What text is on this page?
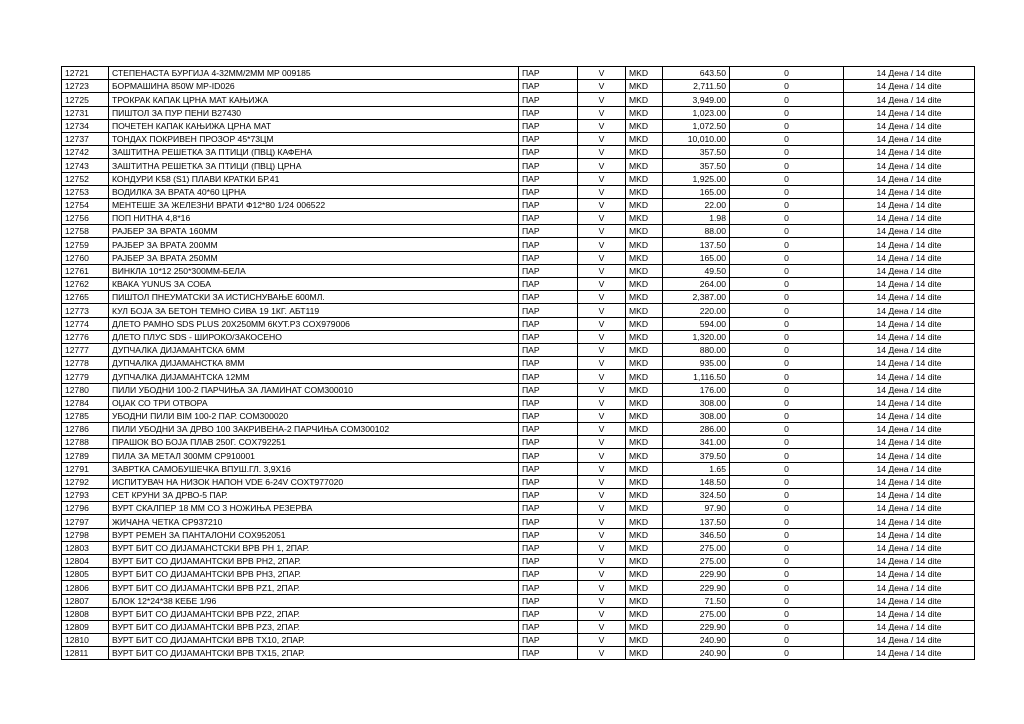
12721	СТЕПЕНАСТА БУРГИЈА 4-32ММ/2ММ MP 009185	ПАР	V	MKD	643.50	0	14 Дена / 14 dite
12723	БОРМАШИНА 850W MP-ID026	ПАР	V	MKD	2,711.50	0	14 Дена / 14 dite
12725	ТРОКРАК КАПАК ЦРНА МАТ КАЊИЖА	ПАР	V	MKD	3,949.00	0	14 Дена / 14 dite
12731	ПИШТОЛ ЗА ПУР ПЕНИ B27430	ПАР	V	MKD	1,023.00	0	14 Дена / 14 dite
12734	ПОЧЕТЕН КАПАК КАЊИЖА ЦРНА МАТ	ПАР	V	MKD	1,072.50	0	14 Дена / 14 dite
12737	ТОНДАХ ПОКРИВЕН ПРОЗОР 45*73ЦМ	ПАР	V	MKD	10,010.00	0	14 Дена / 14 dite
12742	ЗАШТИТНА РЕШЕТКА ЗА ПТИЦИ (ПВЦ) КАФЕНА	ПАР	V	MKD	357.50	0	14 Дена / 14 dite
12743	ЗАШТИТНА РЕШЕТКА ЗА ПТИЦИ (ПВЦ) ЦРНА	ПАР	V	MKD	357.50	0	14 Дена / 14 dite
12752	КОНДУРИ K58 (S1) ПЛАВИ КРАТКИ БР.41	ПАР	V	MKD	1,925.00	0	14 Дена / 14 dite
12753	ВОДИЛКА ЗА ВРАТА 40*60 ЦРНА	ПАР	V	MKD	165.00	0	14 Дена / 14 dite
12754	МЕНТЕШЕ ЗА ЖЕЛЕЗНИ ВРАТИ Ф12*80 1/24 006522	ПАР	V	MKD	22.00	0	14 Дена / 14 dite
12756	ПОП НИТНА 4,8*16	ПАР	V	MKD	1.98	0	14 Дена / 14 dite
12758	РАЈБЕР ЗА ВРАТА 160ММ	ПАР	V	MKD	88.00	0	14 Дена / 14 dite
12759	РАЈБЕР ЗА ВРАТА 200ММ	ПАР	V	MKD	137.50	0	14 Дена / 14 dite
12760	РАЈБЕР ЗА ВРАТА 250ММ	ПАР	V	MKD	165.00	0	14 Дена / 14 dite
12761	ВИНКЛА 10*12 250*300ММ-БЕЛА	ПАР	V	MKD	49.50	0	14 Дена / 14 dite
12762	КВАКА YUNUS ЗА СОБА	ПАР	V	MKD	264.00	0	14 Дена / 14 dite
12765	ПИШТОЛ ПНЕУМАТСКИ ЗА ИСТИСНУВАЊЕ 600МЛ.	ПАР	V	MKD	2,387.00	0	14 Дена / 14 dite
12773	КУЛ БОЈА ЗА БЕТОН ТЕМНО СИВА 19 1КГ. АБТ119	ПАР	V	MKD	220.00	0	14 Дена / 14 dite
12774	ДЛЕТО РАМНО SDS PLUS 20X250MM 6КУТ.Р3 COX979006	ПАР	V	MKD	594.00	0	14 Дена / 14 dite
12776	ДЛЕТО ПЛУС SDS - ШИРОКО/ЗАКОСЕНО	ПАР	V	MKD	1,320.00	0	14 Дена / 14 dite
12777	ДУПЧАЛКА ДИЈАМАНТСКА 6ММ	ПАР	V	MKD	880.00	0	14 Дена / 14 dite
12778	ДУПЧАЛКА ДИЈАМАНСТКА 8ММ	ПАР	V	MKD	935.00	0	14 Дена / 14 dite
12779	ДУПЧАЛКА ДИЈАМАНТСКА 12ММ	ПАР	V	MKD	1,116.50	0	14 Дена / 14 dite
12780	ПИЛИ УБОДНИ 100-2 ПАРЧИЊА ЗА ЛАМИНАТ COM300010	ПАР	V	MKD	176.00	0	14 Дена / 14 dite
12784	ОЏАК СО ТРИ ОТВОРА	ПАР	V	MKD	308.00	0	14 Дена / 14 dite
12785	УБОДНИ ПИЛИ BIM 100-2 ПАР. COM300020	ПАР	V	MKD	308.00	0	14 Дена / 14 dite
12786	ПИЛИ УБОДНИ ЗА ДРВО 100 ЗАКРИВЕНА-2 ПАРЧИЊА COM300102	ПАР	V	MKD	286.00	0	14 Дена / 14 dite
12788	ПРАШОК ВО БОЈА ПЛАВ 250Г. COX792251	ПАР	V	MKD	341.00	0	14 Дена / 14 dite
12789	ПИЛА ЗА МЕТАЛ 300ММ CP910001	ПАР	V	MKD	379.50	0	14 Дена / 14 dite
12791	ЗАВРТКА САМОБУШЕЧКА ВПУШ.ГЛ. 3,9X16	ПАР	V	MKD	1.65	0	14 Дена / 14 dite
12792	ИСПИТУВАЧ НА НИЗОК НАПОН VDE 6-24V COXT977020	ПАР	V	MKD	148.50	0	14 Дена / 14 dite
12793	СЕТ КРУНИ ЗА ДРВО-5 ПАР.	ПАР	V	MKD	324.50	0	14 Дена / 14 dite
12796	ВУРТ СКАЛПЕР 18 ММ СО 3 НОЖИЊА РЕЗЕРВА	ПАР	V	MKD	97.90	0	14 Дена / 14 dite
12797	ЖИЧАНА ЧЕТКА CP937210	ПАР	V	MKD	137.50	0	14 Дена / 14 dite
12798	ВУРТ РЕМЕН ЗА ПАНТАЛОНИ COX952051	ПАР	V	MKD	346.50	0	14 Дена / 14 dite
12803	ВУРТ БИТ СО ДИЈАМАНСТСКИ ВРВ PH 1, 2ПАР.	ПАР	V	MKD	275.00	0	14 Дена / 14 dite
12804	ВУРТ БИТ СО ДИЈАМАНТСКИ ВРВ PH2, 2ПАР.	ПАР	V	MKD	275.00	0	14 Дена / 14 dite
12805	ВУРТ БИТ СО ДИЈАМАНТСКИ ВРВ PH3, 2ПАР.	ПАР	V	MKD	229.90	0	14 Дена / 14 dite
12806	ВУРТ БИТ СО ДИЈАМАНТСКИ ВРВ PZ1, 2ПАР.	ПАР	V	MKD	229.90	0	14 Дена / 14 dite
12807	БЛОК 12*24*38 КЕБЕ 1/96	ПАР	V	MKD	71.50	0	14 Дена / 14 dite
12808	ВУРТ БИТ СО ДИЈАМАНТСКИ ВРВ PZ2, 2ПАР.	ПАР	V	MKD	275.00	0	14 Дена / 14 dite
12809	ВУРТ БИТ СО ДИЈАМАНТСКИ ВРВ PZ3, 2ПАР.	ПАР	V	MKD	229.90	0	14 Дена / 14 dite
12810	ВУРТ БИТ СО ДИЈАМАНТСКИ ВРВ TX10, 2ПАР.	ПАР	V	MKD	240.90	0	14 Дена / 14 dite
12811	ВУРТ БИТ СО ДИЈАМАНТСКИ ВРВ TX15, 2ПАР.	ПАР	V	MKD	240.90	0	14 Дена / 14 dite
